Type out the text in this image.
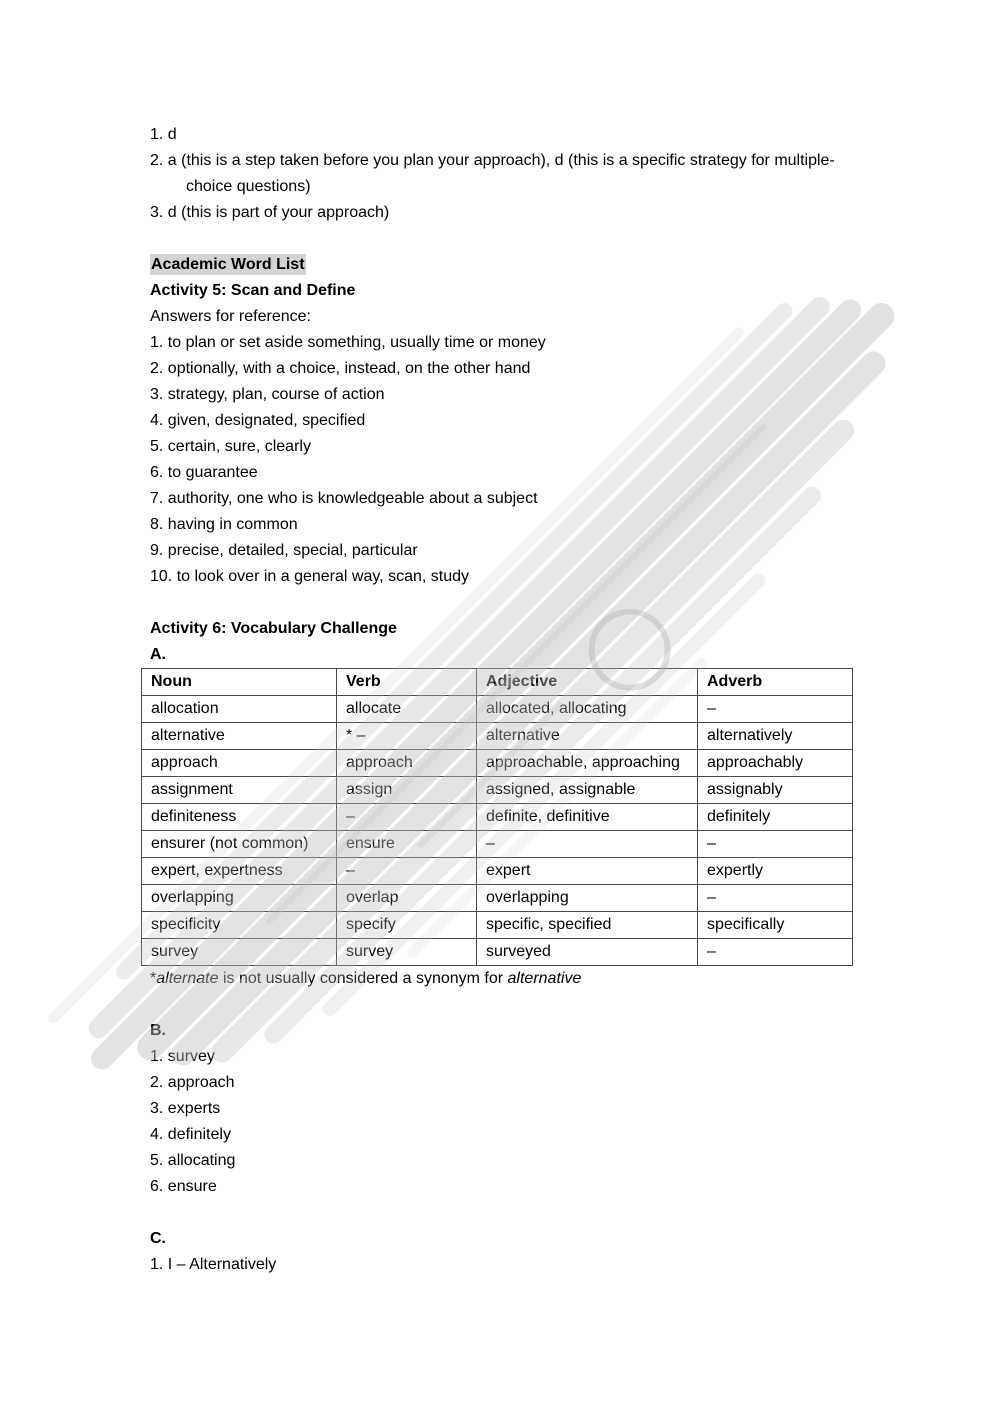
1. d
2. a (this is a step taken before you plan your approach), d (this is a specific strategy for multiple-choice questions)
3. d (this is part of your approach)
Academic Word List
Activity 5: Scan and Define
Answers for reference:
1. to plan or set aside something, usually time or money
2. optionally, with a choice, instead, on the other hand
3. strategy, plan, course of action
4. given, designated, specified
5. certain, sure, clearly
6. to guarantee
7. authority, one who is knowledgeable about a subject
8. having in common
9. precise, detailed, special, particular
10. to look over in a general way, scan, study
Activity 6: Vocabulary Challenge
A.
Noun	Verb	Adjective	Adverb
allocation	allocate	allocated, allocating	–
alternative	* –	alternative	alternatively
approach	approach	approachable, approaching	approachably
assignment	assign	assigned, assignable	assignably
definiteness	–	definite, definitive	definitely
ensurer (not common)	ensure	–	–
expert, expertness	–	expert	expertly
overlapping	overlap	overlapping	–
specificity	specify	specific, specified	specifically
survey	survey	surveyed	–
*alternate is not usually considered a synonym for alternative
B.
1. survey
2. approach
3. experts
4. definitely
5. allocating
6. ensure
C.
1. I – Alternatively
